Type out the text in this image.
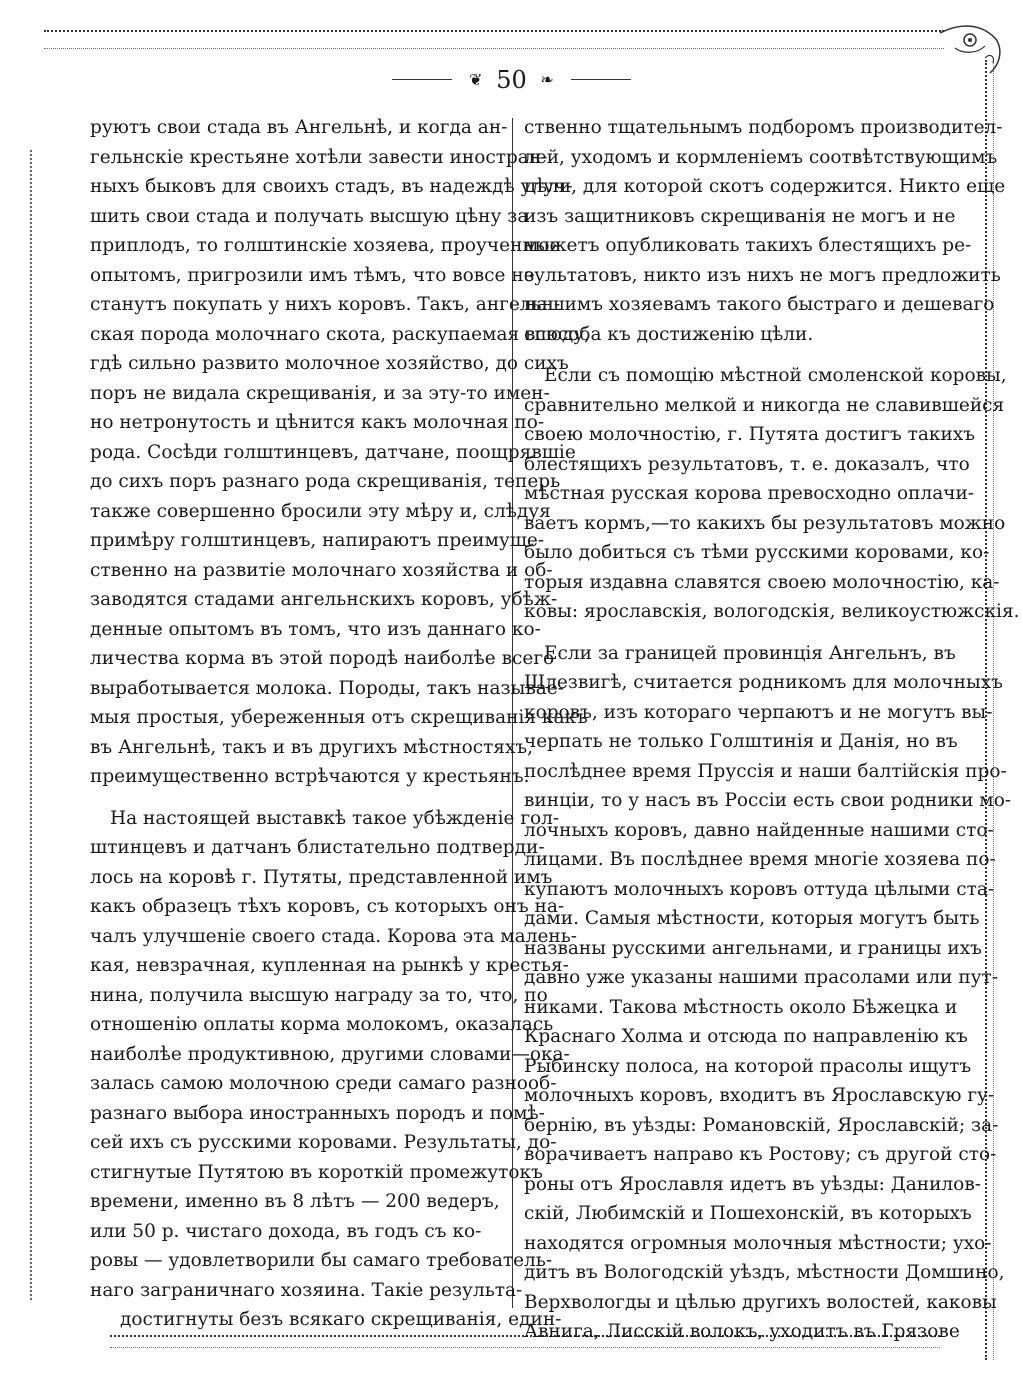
❦ 50 ❧
руютъ свои стада въ Ангельнѣ, и когда ан-
гельнскіе крестьяне хотѣли завести иностран-
ныхъ быковъ для своихъ стадъ, въ надеждѣ улуч-
шить свои стада и получать высшую цѣну за
приплодъ, то голштинскіе хозяева, проученные
опытомъ, пригрозили имъ тѣмъ, что вовсе не
станутъ покупать у нихъ коровъ. Такъ, ангельн-
ская порода молочнаго скота, раскупаемая всюду,
гдѣ сильно развито молочное хозяйство, до сихъ
поръ не видала скрещиванія, и за эту-то имен-
но нетронутость и цѣнится какъ молочная по-
рода. Сосѣди голштинцевъ, датчане, поощрявшіе
до сихъ поръ разнаго рода скрещиванія, теперь
также совершенно бросили эту мѣру и, слѣдуя
примѣру голштинцевъ, напираютъ преимуще-
ственно на развитіе молочнаго хозяйства и об-
заводятся стадами ангельнскихъ коровъ, убѣж-
денные опытомъ въ томъ, что изъ даннаго ко-
личества корма въ этой породѣ наиболѣе всего
выработывается молока. Породы, такъ называе-
мыя простыя, убереженныя отъ скрещиванія какъ
въ Ангельнѣ, такъ и въ другихъ мѣстностяхъ,
преимущественно встрѣчаются у крестьянъ.
На настоящей выставкѣ такое убѣжденіе гол-
штинцевъ и датчанъ блистательно подтверди-
лось на коровѣ г. Путяты, представленной имъ
какъ образецъ тѣхъ коровъ, съ которыхъ онъ на-
чалъ улучшеніе своего стада. Корова эта малень-
кая, невзрачная, купленная на рынкѣ у крестья-
нина, получила высшую награду за то, что, по
отношенію оплаты корма молокомъ, оказалась
наиболѣе продуктивною, другими словами—ока-
залась самою молочною среди самаго разнооб-
разнаго выбора иностранныхъ породъ и помѣ-
сей ихъ съ русскими коровами. Результаты, до-
стигнутые Путятою въ короткій промежутокъ
времени, именно въ 8 лѣтъ — 200 ведеръ,
или 50 р. чистаго дохода, въ годъ съ ко-
ровы — удовлетворили бы самаго требователь-
наго заграничнаго хозяина. Такіе результа-
достигнуты безъ всякаго скрещиванія, един-
ственно тщательнымъ подборомъ производител-
лей, уходомъ и кормленіемъ соотвѣтствующимъ
цѣли, для которой скотъ содержится. Никто еще
изъ защитниковъ скрещиванія не могъ и не
можетъ опубликовать такихъ блестящихъ ре-
зультатовъ, никто изъ нихъ не могъ предложить
нашимъ хозяевамъ такого быстраго и дешеваго
способа къ достиженію цѣли.
Если съ помощію мѣстной смоленской коровы,
сравнительно мелкой и никогда не славившейся
своею молочностію, г. Путята достигъ такихъ
блестящихъ результатовъ, т. е. доказалъ, что
мѣстная русская корова превосходно оплачи-
ваетъ кормъ,—то какихъ бы результатовъ можно
было добиться съ тѣми русскими коровами, ко-
торыя издавна славятся своею молочностію, ка-
ковы: ярославскія, вологодскія, великоустюжскія.
Если за границей провинція Ангельнъ, въ
Шлезвигѣ, считается родникомъ для молочныхъ
коровъ, изъ котораго черпаютъ и не могутъ вы-
черпать не только Голштинія и Данія, но въ
послѣднее время Пруссія и наши балтійскія про-
винціи, то у насъ въ Россіи есть свои родники мо-
лочныхъ коровъ, давно найденные нашими сто-
лицами. Въ послѣднее время многіе хозяева по-
купаютъ молочныхъ коровъ оттуда цѣлыми ста-
дами. Самыя мѣстности, которыя могутъ быть
названы русскими ангельнами, и границы ихъ
давно уже указаны нашими прасолами или пут-
никами. Такова мѣстность около Бѣжецка и
Краснаго Холма и отсюда по направленію къ
Рыбинску полоса, на которой прасолы ищутъ
молочныхъ коровъ, входитъ въ Ярославскую гу-
бернію, въ уѣзды: Романовскій, Ярославскій; за-
ворачиваетъ направо къ Ростову; съ другой сто-
роны отъ Ярославля идетъ въ уѣзды: Данилов-
скій, Любимскій и Пошехонскій, въ которыхъ
находятся огромныя молочныя мѣстности; ухо-
дитъ въ Вологодскій уѣздъ, мѣстности Домшино,
Верхвологды и цѣлью другихъ волостей, каковы
Авнига, Лисскій волокъ, уходитъ въ Грязове
